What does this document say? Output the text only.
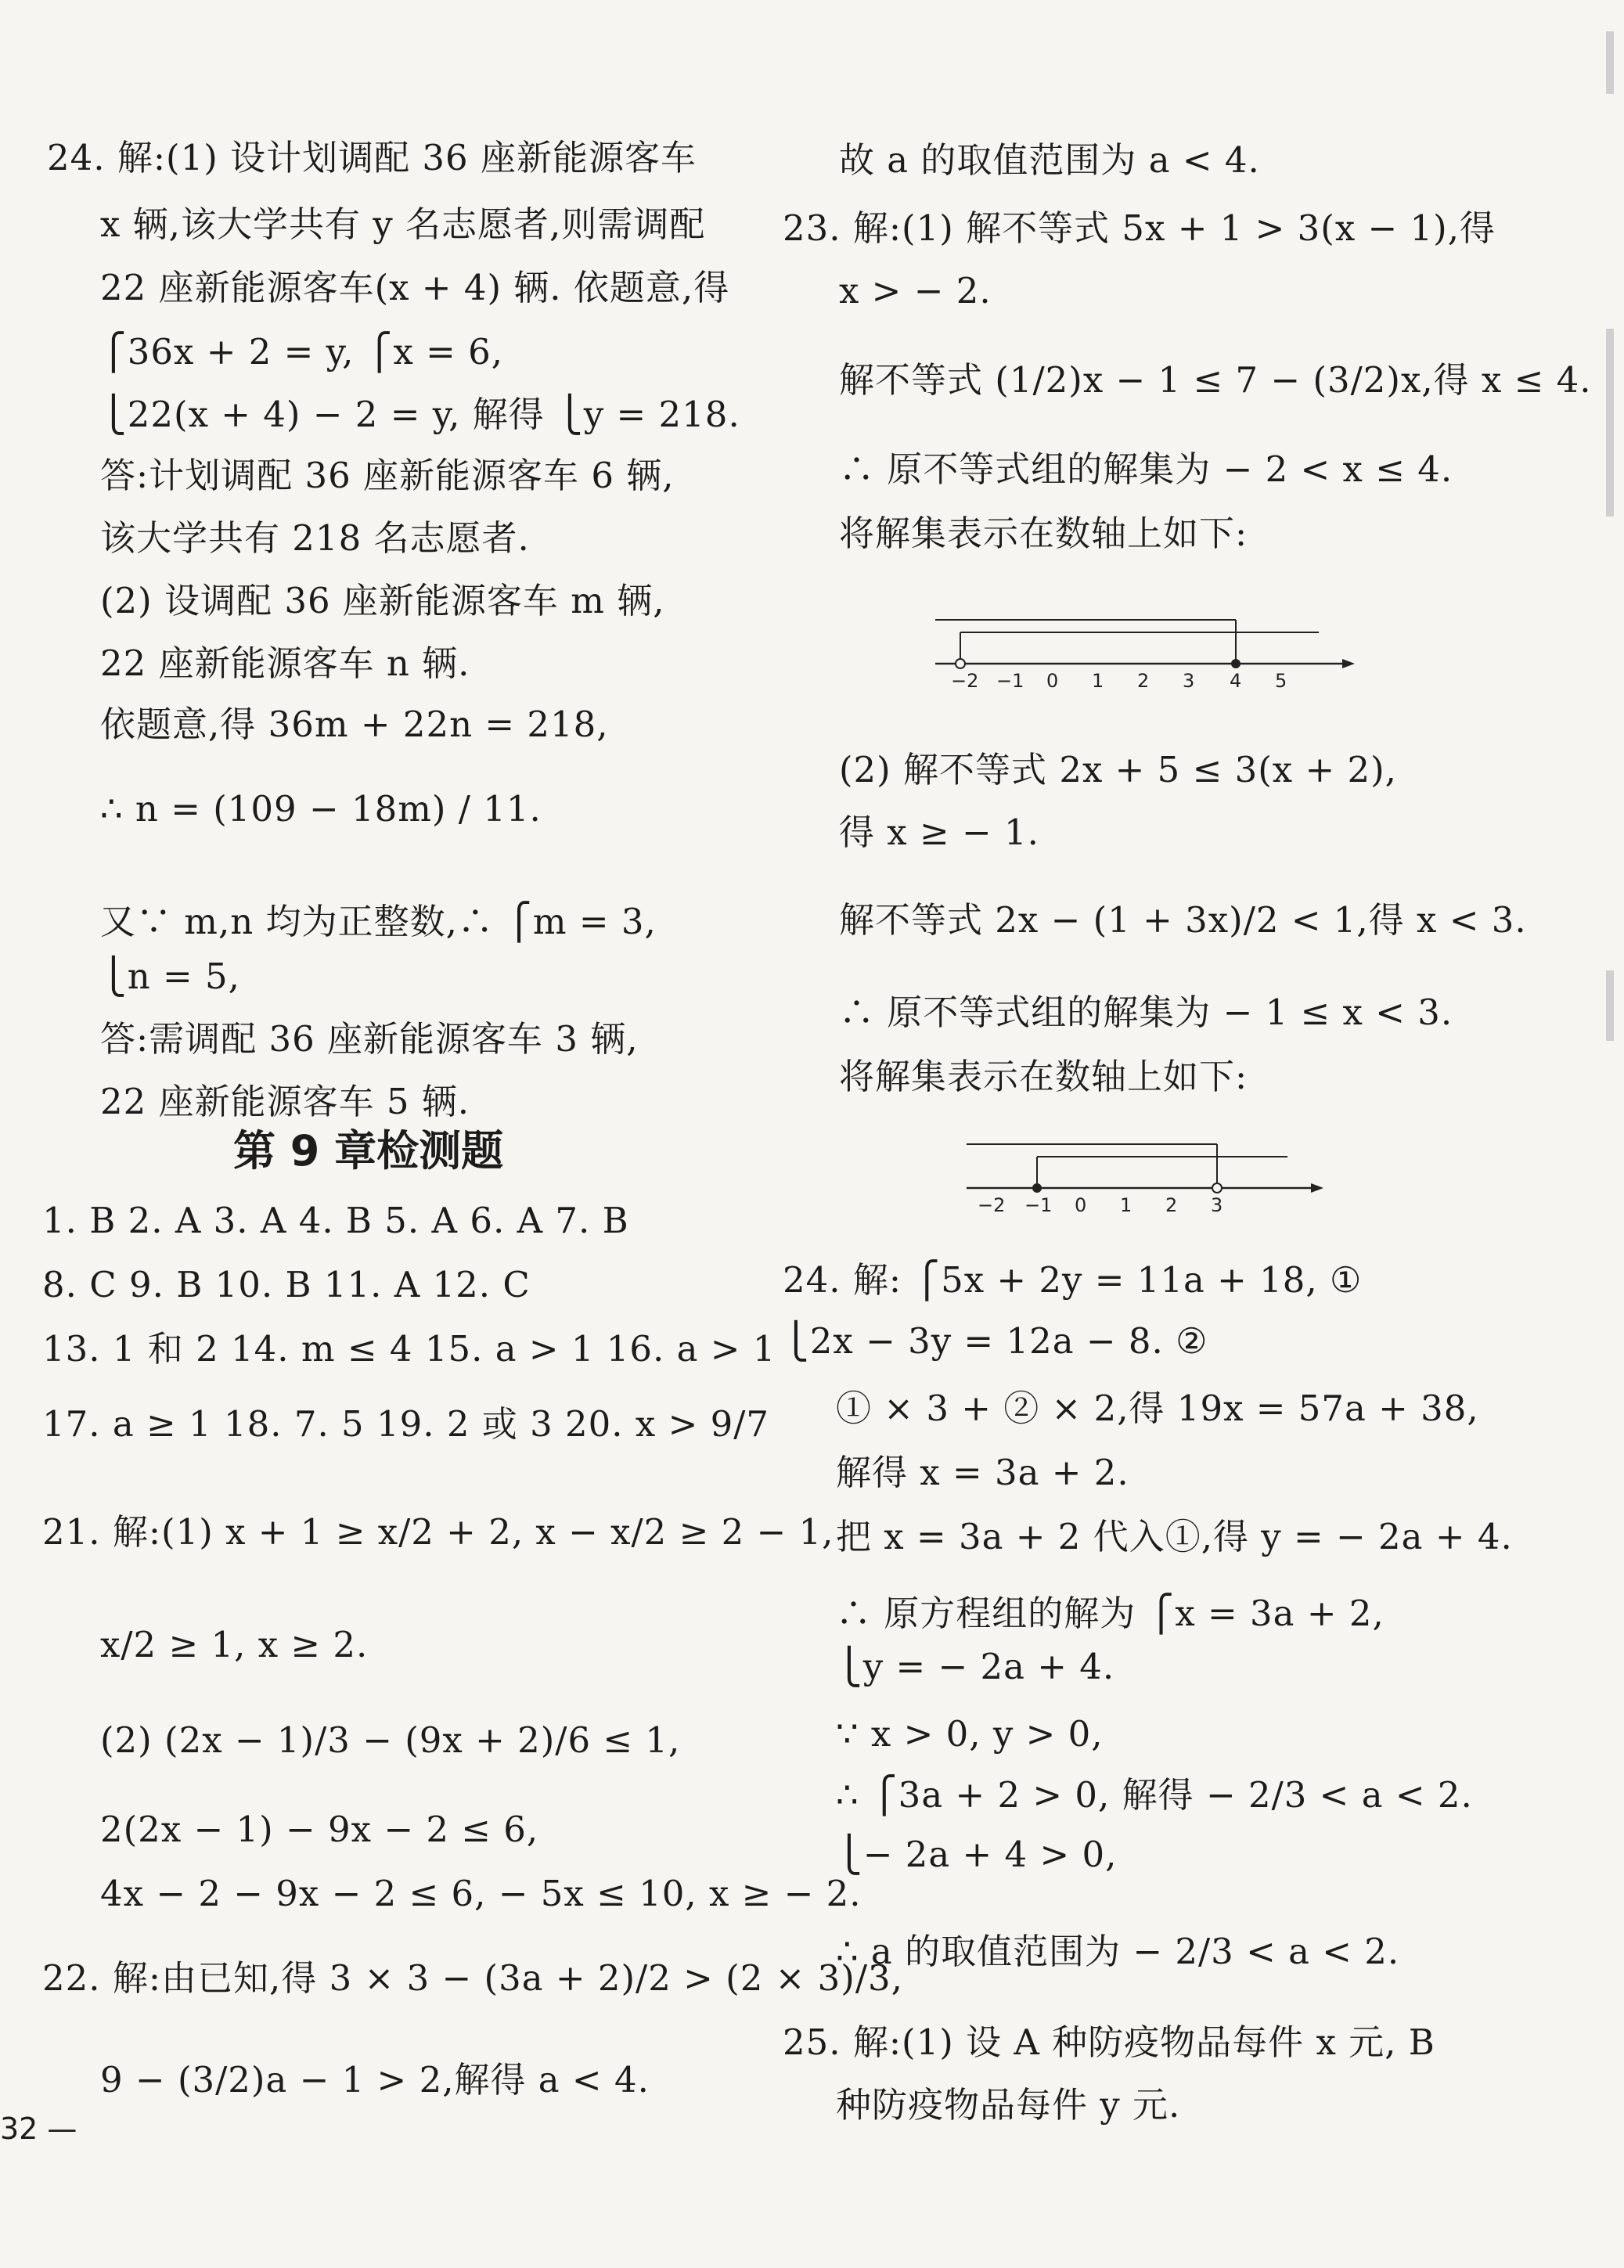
24. 解:(1) 设计划调配 36 座新能源客车
x 辆,该大学共有 y 名志愿者,则需调配
22 座新能源客车(x + 4) 辆. 依题意,得
⎧36x + 2 = y, ⎧x = 6,
⎩22(x + 4) − 2 = y, 解得 ⎩y = 218.
答:计划调配 36 座新能源客车 6 辆,
该大学共有 218 名志愿者.
(2) 设调配 36 座新能源客车 m 辆,
22 座新能源客车 n 辆.
依题意,得 36m + 22n = 218,
∴ n = (109 − 18m) / 11.
又∵ m,n 均为正整数,∴ ⎧m = 3,
⎩n = 5,
答:需调配 36 座新能源客车 3 辆,
22 座新能源客车 5 辆.
第 9 章检测题
1. B 2. A 3. A 4. B 5. A 6. A 7. B
8. C 9. B 10. B 11. A 12. C
13. 1 和 2 14. m ≤ 4 15. a > 1 16. a > 1
17. a ≥ 1 18. 7. 5 19. 2 或 3 20. x > 9/7
21. 解:(1) x + 1 ≥ x/2 + 2, x − x/2 ≥ 2 − 1,
x/2 ≥ 1, x ≥ 2.
(2) (2x − 1)/3 − (9x + 2)/6 ≤ 1,
2(2x − 1) − 9x − 2 ≤ 6,
4x − 2 − 9x − 2 ≤ 6, − 5x ≤ 10, x ≥ − 2.
22. 解:由已知,得 3 × 3 − (3a + 2)/2 > (2 × 3)/3,
9 − (3/2)a − 1 > 2,解得 a < 4.
故 a 的取值范围为 a < 4.
23. 解:(1) 解不等式 5x + 1 > 3(x − 1),得
x > − 2.
解不等式 (1/2)x − 1 ≤ 7 − (3/2)x,得 x ≤ 4.
∴ 原不等式组的解集为 − 2 < x ≤ 4.
将解集表示在数轴上如下:
−2 −1 0 1 2 3 4 5
(2) 解不等式 2x + 5 ≤ 3(x + 2),
得 x ≥ − 1.
解不等式 2x − (1 + 3x)/2 < 1,得 x < 3.
∴ 原不等式组的解集为 − 1 ≤ x < 3.
将解集表示在数轴上如下:
−2 −1 0 1 2 3
24. 解: ⎧5x + 2y = 11a + 18, ①
⎩2x − 3y = 12a − 8. ②
① × 3 + ② × 2,得 19x = 57a + 38,
解得 x = 3a + 2.
把 x = 3a + 2 代入①,得 y = − 2a + 4.
∴ 原方程组的解为 ⎧x = 3a + 2,
⎩y = − 2a + 4.
∵ x > 0, y > 0,
∴ ⎧3a + 2 > 0, 解得 − 2/3 < a < 2.
⎩− 2a + 4 > 0,
∴ a 的取值范围为 − 2/3 < a < 2.
25. 解:(1) 设 A 种防疫物品每件 x 元, B
种防疫物品每件 y 元.
32 —
